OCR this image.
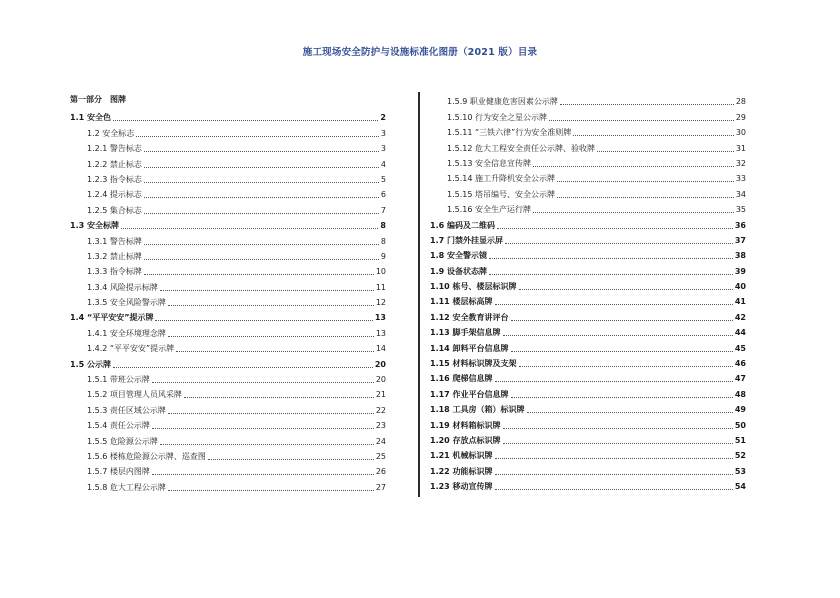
施工现场安全防护与设施标准化图册（2021 版）目录
第一部分　图牌
1.1 安全色	2
1.2 安全标志	3
1.2.1 警告标志	3
1.2.2 禁止标志	4
1.2.3 指令标志	5
1.2.4 提示标志	6
1.2.5 集合标志	7
1.3 安全标牌	8
1.3.1 警告标牌	8
1.3.2 禁止标牌	9
1.3.3 指令标牌	10
1.3.4 风险提示标牌	11
1.3.5 安全风险警示牌	12
1.4 “平平安安”提示牌	13
1.4.1 安全环境理念牌	13
1.4.2 “平平安安”提示牌	14
1.5 公示牌	20
1.5.1 带班公示牌	20
1.5.2 项目管理人员风采牌	21
1.5.3 责任区域公示牌	22
1.5.4 责任公示牌	23
1.5.5 危险源公示牌	24
1.5.6 楼栋危险源公示牌、巡查图	25
1.5.7 楼层内图牌	26
1.5.8 危大工程公示牌	27
1.5.9 职业健康危害因素公示牌	28
1.5.10 行为安全之星公示牌	29
1.5.11 “三铁六律”行为安全准则牌	30
1.5.12 危大工程安全责任公示牌、验收牌	31
1.5.13 安全信息宣传牌	32
1.5.14 施工升降机安全公示牌	33
1.5.15 塔吊编号、安全公示牌	34
1.5.16 安全生产运行牌	35
1.6 编码及二维码	36
1.7 门禁外挂显示屏	37
1.8 安全警示镜	38
1.9 设备状态牌	39
1.10 栋号、楼层标识牌	40
1.11 楼层标高牌	41
1.12 安全教育讲评台	42
1.13 脚手架信息牌	44
1.14 卸料平台信息牌	45
1.15 材料标识牌及支架	46
1.16 爬梯信息牌	47
1.17 作业平台信息牌	48
1.18 工具房（箱）标识牌	49
1.19 材料箱标识牌	50
1.20 存放点标识牌	51
1.21 机械标识牌	52
1.22 功能标识牌	53
1.23 移动宣传牌	54
